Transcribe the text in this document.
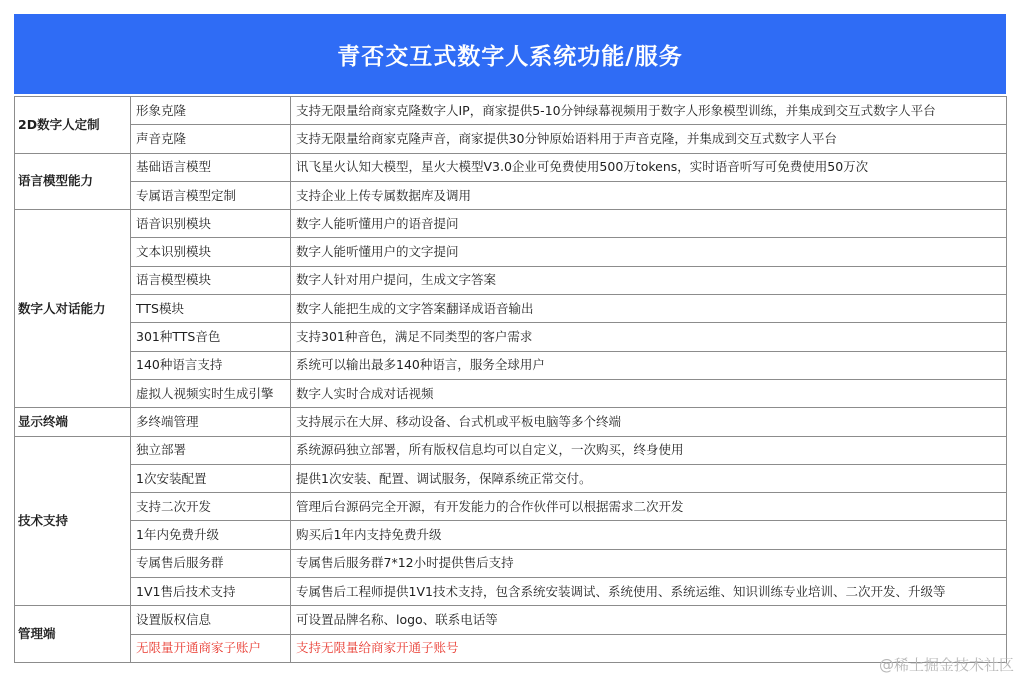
青否交互式数字人系统功能/服务
2D数字人定制	形象克隆	支持无限量给商家克隆数字人IP，商家提供5-10分钟绿幕视频用于数字人形象模型训练，并集成到交互式数字人平台
	声音克隆	支持无限量给商家克隆声音，商家提供30分钟原始语料用于声音克隆，并集成到交互式数字人平台
语言模型能力	基础语言模型	讯飞星火认知大模型，星火大模型V3.0企业可免费使用500万tokens，实时语音听写可免费使用50万次
	专属语言模型定制	支持企业上传专属数据库及调用
数字人对话能力	语音识别模块	数字人能听懂用户的语音提问
	文本识别模块	数字人能听懂用户的文字提问
	语言模型模块	数字人针对用户提问，生成文字答案
	TTS模块	数字人能把生成的文字答案翻译成语音输出
	301种TTS音色	支持301种音色，满足不同类型的客户需求
	140种语言支持	系统可以输出最多140种语言，服务全球用户
	虚拟人视频实时生成引擎	数字人实时合成对话视频
显示终端	多终端管理	支持展示在大屏、移动设备、台式机或平板电脑等多个终端
技术支持	独立部署	系统源码独立部署，所有版权信息均可以自定义，一次购买，终身使用
	1次安装配置	提供1次安装、配置、调试服务，保障系统正常交付。
	支持二次开发	管理后台源码完全开源，有开发能力的合作伙伴可以根据需求二次开发
	1年内免费升级	购买后1年内支持免费升级
	专属售后服务群	专属售后服务群7*12小时提供售后支持
	1V1售后技术支持	专属售后工程师提供1V1技术支持，包含系统安装调试、系统使用、系统运维、知识训练专业培训、二次开发、升级等
管理端	设置版权信息	可设置品牌名称、logo、联系电话等
	无限量开通商家子账户	支持无限量给商家开通子账号
@稀土掘金技术社区
